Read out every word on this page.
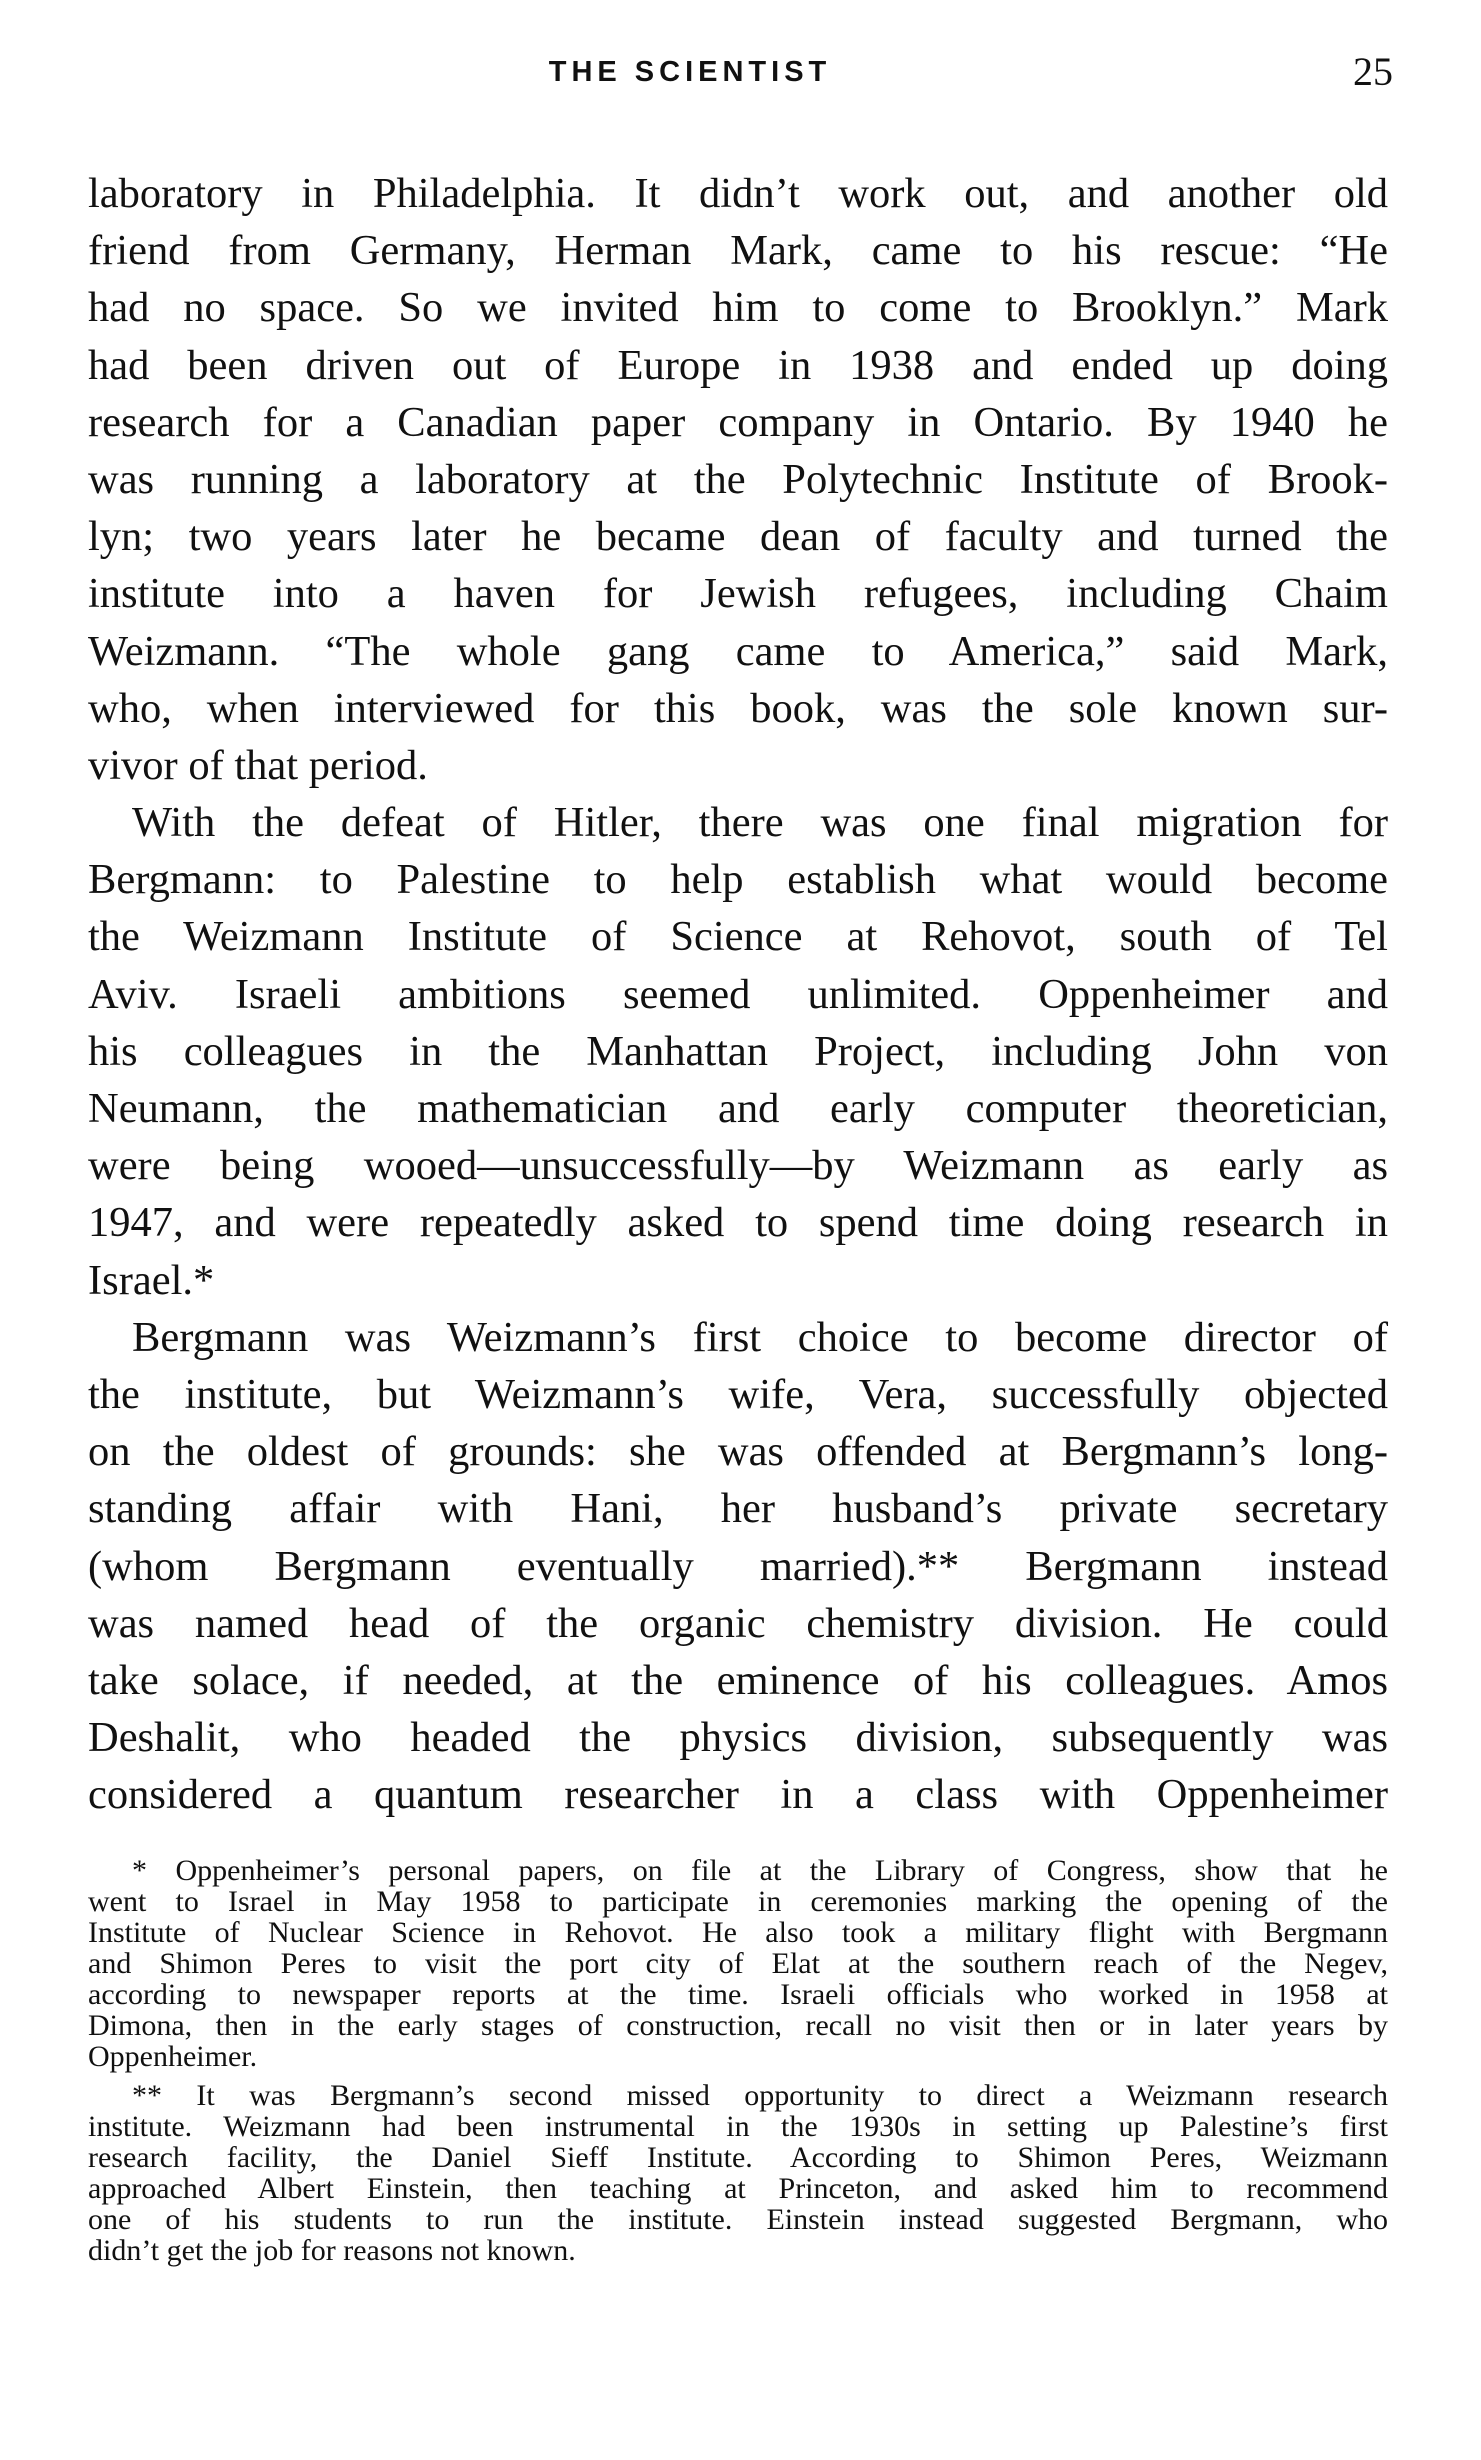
THE SCIENTIST	25
laboratory in Philadelphia. It didn’t work out, and another old
friend from Germany, Herman Mark, came to his rescue: “He
had no space. So we invited him to come to Brooklyn.” Mark
had been driven out of Europe in 1938 and ended up doing
research for a Canadian paper company in Ontario. By 1940 he
was running a laboratory at the Polytechnic Institute of Brook-
lyn; two years later he became dean of faculty and turned the
institute into a haven for Jewish refugees, including Chaim
Weizmann. “The whole gang came to America,” said Mark,
who, when interviewed for this book, was the sole known sur-
vivor of that period.
With the defeat of Hitler, there was one final migration for
Bergmann: to Palestine to help establish what would become
the Weizmann Institute of Science at Rehovot, south of Tel
Aviv. Israeli ambitions seemed unlimited. Oppenheimer and
his colleagues in the Manhattan Project, including John von
Neumann, the mathematician and early computer theoretician,
were being wooed—unsuccessfully—by Weizmann as early as
1947, and were repeatedly asked to spend time doing research in
Israel.*
Bergmann was Weizmann’s first choice to become director of
the institute, but Weizmann’s wife, Vera, successfully objected
on the oldest of grounds: she was offended at Bergmann’s long-
standing affair with Hani, her husband’s private secretary
(whom Bergmann eventually married).** Bergmann instead
was named head of the organic chemistry division. He could
take solace, if needed, at the eminence of his colleagues. Amos
Deshalit, who headed the physics division, subsequently was
considered a quantum researcher in a class with Oppenheimer
* Oppenheimer’s personal papers, on file at the Library of Congress, show that he
went to Israel in May 1958 to participate in ceremonies marking the opening of the
Institute of Nuclear Science in Rehovot. He also took a military flight with Bergmann
and Shimon Peres to visit the port city of Elat at the southern reach of the Negev,
according to newspaper reports at the time. Israeli officials who worked in 1958 at
Dimona, then in the early stages of construction, recall no visit then or in later years by
Oppenheimer.
** It was Bergmann’s second missed opportunity to direct a Weizmann research
institute. Weizmann had been instrumental in the 1930s in setting up Palestine’s first
research facility, the Daniel Sieff Institute. According to Shimon Peres, Weizmann
approached Albert Einstein, then teaching at Princeton, and asked him to recommend
one of his students to run the institute. Einstein instead suggested Bergmann, who
didn’t get the job for reasons not known.
